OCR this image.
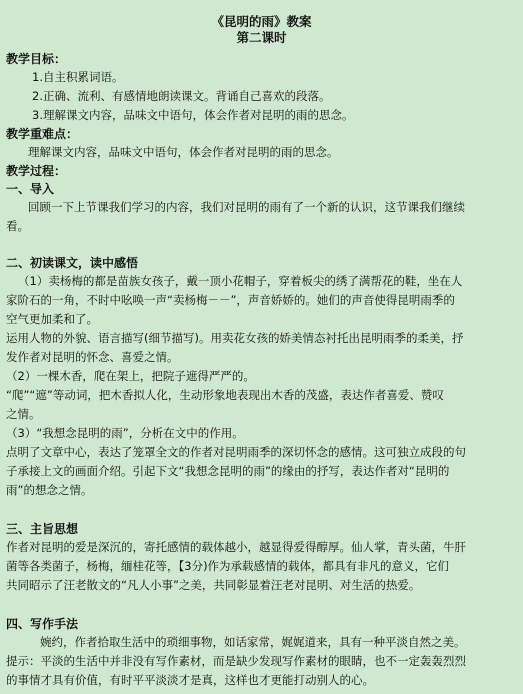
《昆明的雨》教案
第二课时
教学目标：
1.自主积累词语。
2.正确、流利、有感情地朗读课文。背诵自己喜欢的段落。
3.理解课文内容，品味文中语句，体会作者对昆明的雨的思念。
教学重难点：
理解课文内容，品味文中语句，体会作者对昆明的雨的思念。
教学过程：
一、导入
回顾一下上节课我们学习的内容，我们对昆明的雨有了一个新的认识，这节课我们继续
看。
二、初读课文，读中感悟
（1）卖杨梅的都是苗族女孩子，戴一顶小花帽子，穿着板尖的绣了满帮花的鞋，坐在人
家阶石的一角，不时中吆唤一声“卖杨梅－－”，声音娇娇的。她们的声音使得昆明雨季的
空气更加柔和了。
运用人物的外貌、语言描写(细节描写)。用卖花女孩的娇美情态衬托出昆明雨季的柔美，抒
发作者对昆明的怀念、喜爱之情。
（2）一棵木香，爬在架上，把院子遮得严严的。
“爬”“遮”等动词，把木香拟人化，生动形象地表现出木香的茂盛，表达作者喜爱、赞叹
之情。
（3）“我想念昆明的雨”，分析在文中的作用。
点明了文章中心，表达了笼罩全文的作者对昆明雨季的深切怀念的感情。这可独立成段的句
子承接上文的画面介绍。引起下文“我想念昆明的雨”的缘由的抒写，表达作者对“昆明的
雨”的想念之情。
三、主旨思想
作者对昆明的爱是深沉的，寄托感情的载体越小，越显得爱得醇厚。仙人掌，青头菌，牛肝
菌等各类菌子，杨梅，缅桂花等，【3分)作为承载感情的载体，都具有非凡的意义，它们
共同昭示了汪老散文的“凡人小事”之美，共同彰显着汪老对昆明、对生活的热爱。
四、写作手法
婉约，作者拾取生活中的琐细事物，如话家常，娓娓道来，具有一种平淡自然之美。
提示：平淡的生活中并非没有写作素材，而是缺少发现写作素材的眼睛，也不一定轰轰烈烈
的事情才具有价值，有时平平淡淡才是真，这样也才更能打动别人的心。
